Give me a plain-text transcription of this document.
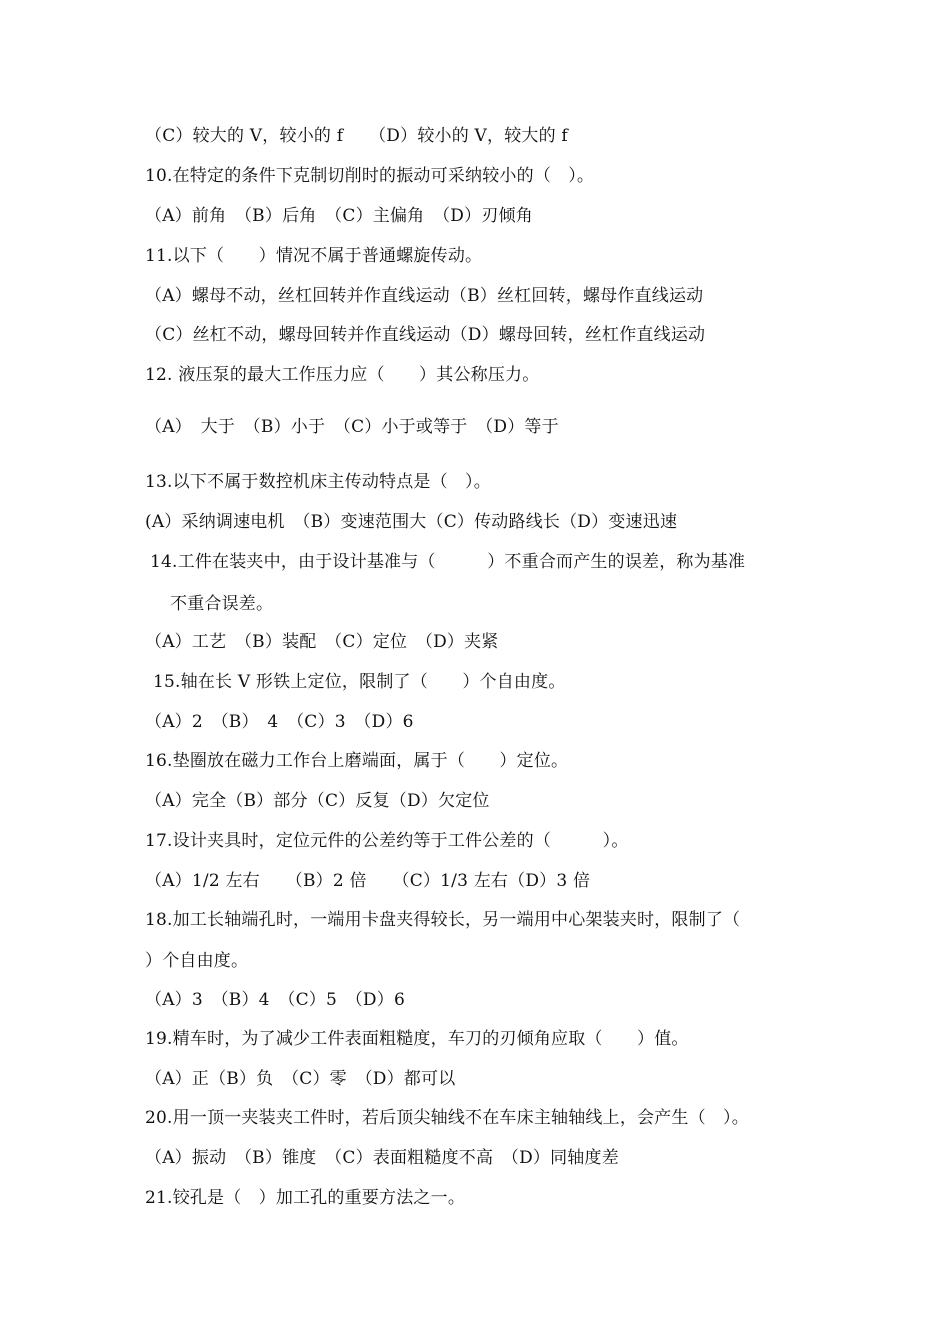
（C）较大的 V，较小的 f　　（D）较小的 V，较大的 f
10.在特定的条件下克制切削时的振动可采纳较小的（　）。
（A）前角　（B）后角　（C）主偏角　（D）刃倾角
11.以下（　　）情况不属于普通螺旋传动。
（A）螺母不动，丝杠回转并作直线运动（B）丝杠回转，螺母作直线运动
（C）丝杠不动，螺母回转并作直线运动（D）螺母回转，丝杠作直线运动
12. 液压泵的最大工作压力应（　　）其公称压力。
（A）　大于　（B）小于　（C）小于或等于　（D）等于
13.以下不属于数控机床主传动特点是（　）。
(A）采纳调速电机　（B）变速范围大（C）传动路线长（D）变速迅速
14.工件在装夹中，由于设计基准与（　　　）不重合而产生的误差，称为基准
不重合误差。
（A）工艺　（B）装配　（C）定位　（D）夹紧
15.轴在长 V 形铁上定位，限制了（　　）个自由度。
（A）2　（B）　4　（C）3　（D）6
16.垫圈放在磁力工作台上磨端面，属于（　　）定位。
（A）完全（B）部分（C）反复（D）欠定位
17.设计夹具时，定位元件的公差约等于工件公差的（　　　）。
（A）1/2 左右　　（B）2 倍　　（C）1/3 左右（D）3 倍
18.加工长轴端孔时，一端用卡盘夹得较长，另一端用中心架装夹时，限制了（
）个自由度。
（A）3　（B）4　（C）5　（D）6
19.精车时，为了减少工件表面粗糙度，车刀的刃倾角应取（　　）值。
（A）正（B）负　（C）零　（D）都可以
20.用一顶一夹装夹工件时，若后顶尖轴线不在车床主轴轴线上，会产生（　）。
（A）振动　（B）锥度　（C）表面粗糙度不高　（D）同轴度差
21.铰孔是（　）加工孔的重要方法之一。
